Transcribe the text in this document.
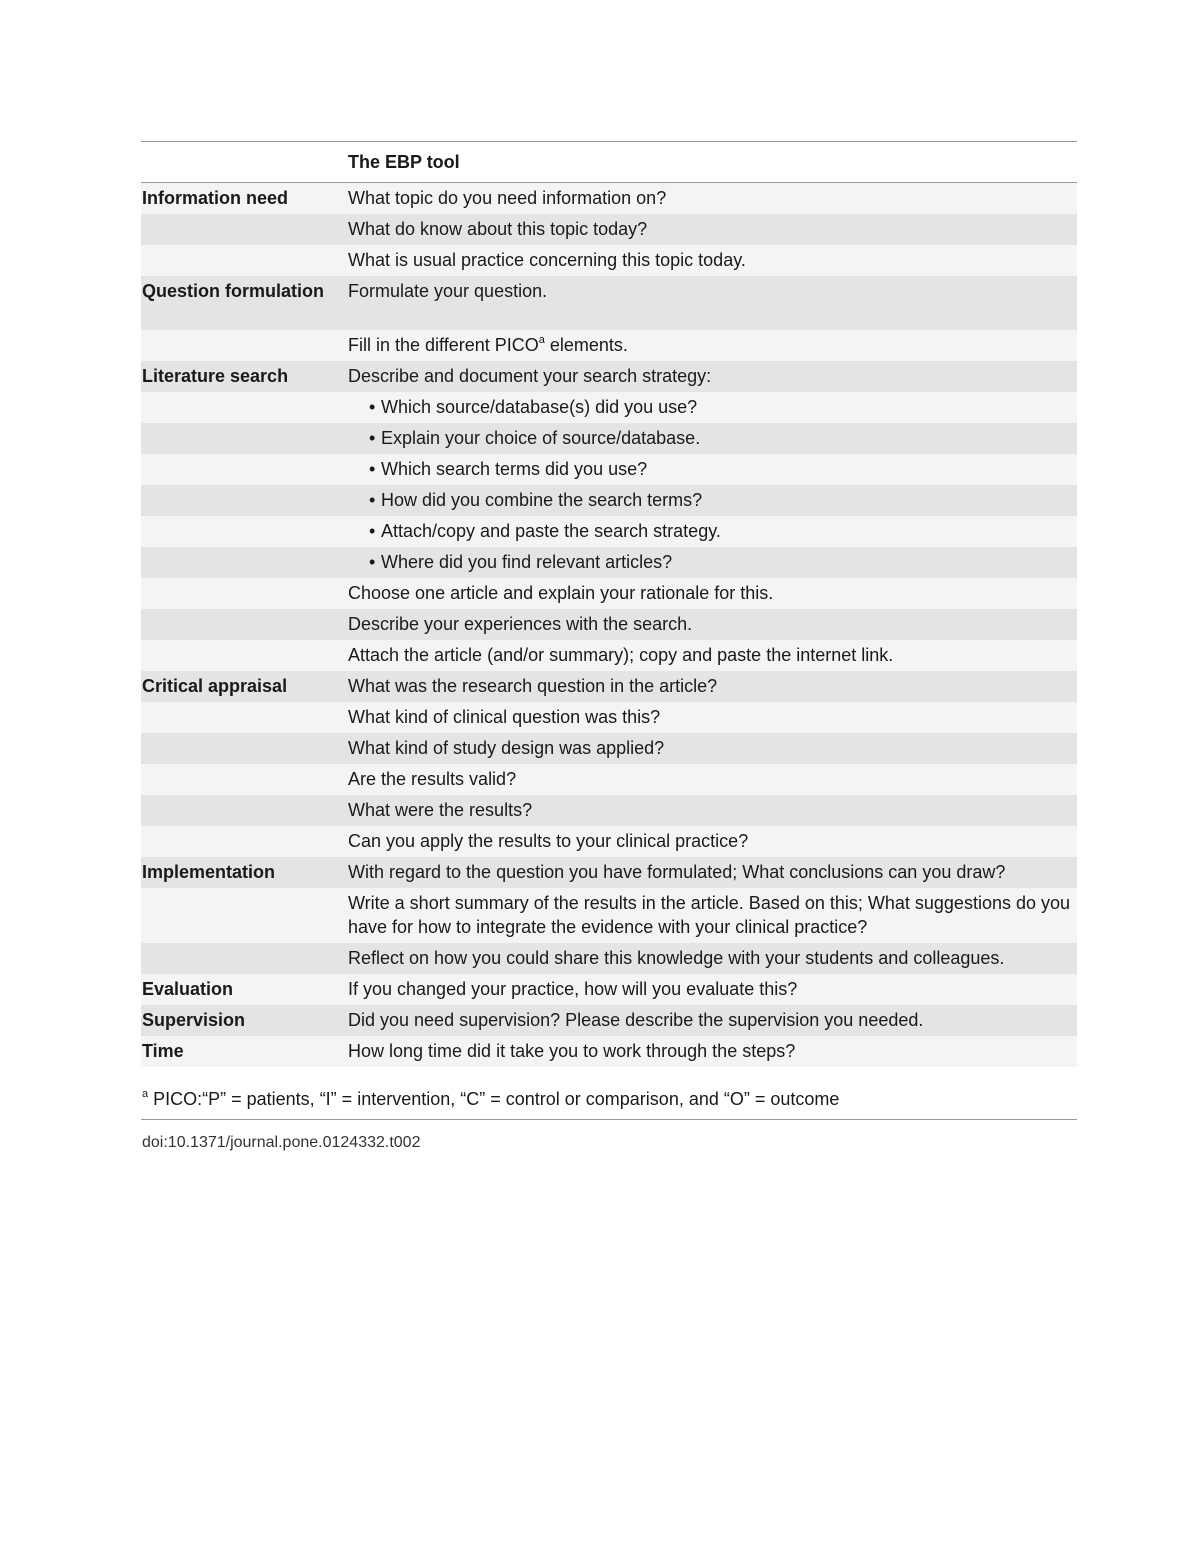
	The EBP tool

Information need	What topic do you need information on?

	What do know about this topic today?

	What is usual practice concerning this topic today.

Question formulation	Formulate your question.

	Fill in the different PICO$^a$ elements.

Literature search	Describe and document your search strategy:

	• Which source/database(s) did you use?

	• Explain your choice of source/database.

	• Which search terms did you use?

	• How did you combine the search terms?

	• Attach/copy and paste the search strategy.

	• Where did you find relevant articles?

	Choose one article and explain your rationale for this.

	Describe your experiences with the search.

	Attach the article (and/or summary); copy and paste the internet link.

Critical appraisal	What was the research question in the article?

	What kind of clinical question was this?

	What kind of study design was applied?

	Are the results valid?

	What were the results?

	Can you apply the results to your clinical practice?

Implementation	With regard to the question you have formulated; What conclusions can you draw?

	Write a short summary of the results in the article. Based on this; What suggestions do you have for how to integrate the evidence with your clinical practice?

	Reflect on how you could share this knowledge with your students and colleagues.

Evaluation	If you changed your practice, how will you evaluate this?

Supervision	Did you need supervision? Please describe the supervision you needed.

Time	How long time did it take you to work through the steps?
$^a$ PICO:“P” = patients, “I” = intervention, “C” = control or comparison, and “O” = outcome
doi:10.1371/journal.pone.0124332.t002
